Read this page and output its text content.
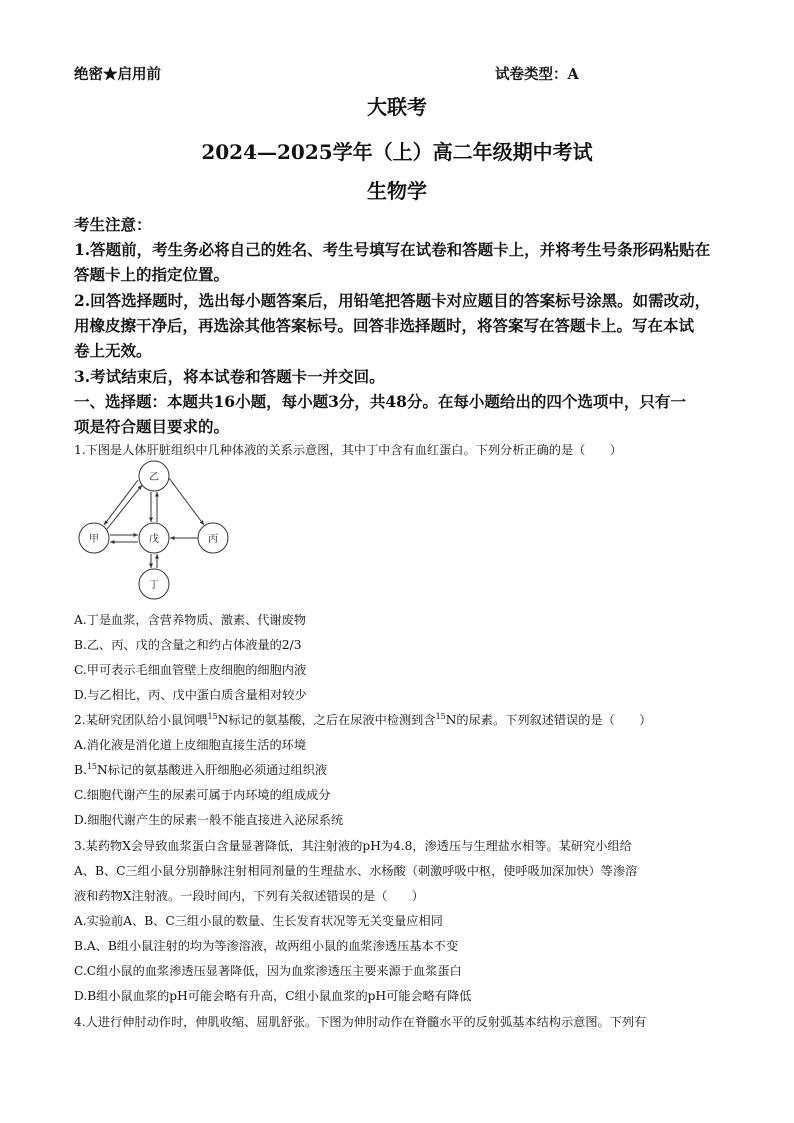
绝密★启用前	试卷类型：A
大联考
2024—2025学年（上）高二年级期中考试
生物学
考生注意：
1.答题前，考生务必将自己的姓名、考生号填写在试卷和答题卡上，并将考生号条形码粘贴在
答题卡上的指定位置。
2.回答选择题时，选出每小题答案后，用铅笔把答题卡对应题目的答案标号涂黑。如需改动，
用橡皮擦干净后，再选涂其他答案标号。回答非选择题时，将答案写在答题卡上。写在本试
卷上无效。
3.考试结束后，将本试卷和答题卡一并交回。
一、选择题：本题共16小题，每小题3分，共48分。在每小题给出的四个选项中，只有一
项是符合题目要求的。
1.下图是人体肝脏组织中几种体液的关系示意图，其中丁中含有血红蛋白。下列分析正确的是（　　）
乙
甲	戊	丙
丁
A.丁是血浆，含营养物质、激素、代谢废物
B.乙、丙、戊的含量之和约占体液量的2/3
C.甲可表示毛细血管壁上皮细胞的细胞内液
D.与乙相比，丙、戊中蛋白质含量相对较少
2.某研究团队给小鼠饲喂$^{15}$N标记的氨基酸，之后在尿液中检测到含$^{15}$N的尿素。下列叙述错误的是（　　）
A.消化液是消化道上皮细胞直接生活的环境
B.$^{15}$N标记的氨基酸进入肝细胞必须通过组织液
C.细胞代谢产生的尿素可属于内环境的组成成分
D.细胞代谢产生的尿素一般不能直接进入泌尿系统
3.某药物X会导致血浆蛋白含量显著降低，其注射液的pH为4.8，渗透压与生理盐水相等。某研究小组给
A、B、C三组小鼠分别静脉注射相同剂量的生理盐水、水杨酸（刺激呼吸中枢，使呼吸加深加快）等渗溶
液和药物X注射液。一段时间内，下列有关叙述错误的是（　　）
A.实验前A、B、C三组小鼠的数量、生长发育状况等无关变量应相同
B.A、B组小鼠注射的均为等渗溶液，故两组小鼠的血浆渗透压基本不变
C.C组小鼠的血浆渗透压显著降低，因为血浆渗透压主要来源于血浆蛋白
D.B组小鼠血浆的pH可能会略有升高，C组小鼠血浆的pH可能会略有降低
4.人进行伸肘动作时，伸肌收缩、屈肌舒张。下图为伸肘动作在脊髓水平的反射弧基本结构示意图。下列有
